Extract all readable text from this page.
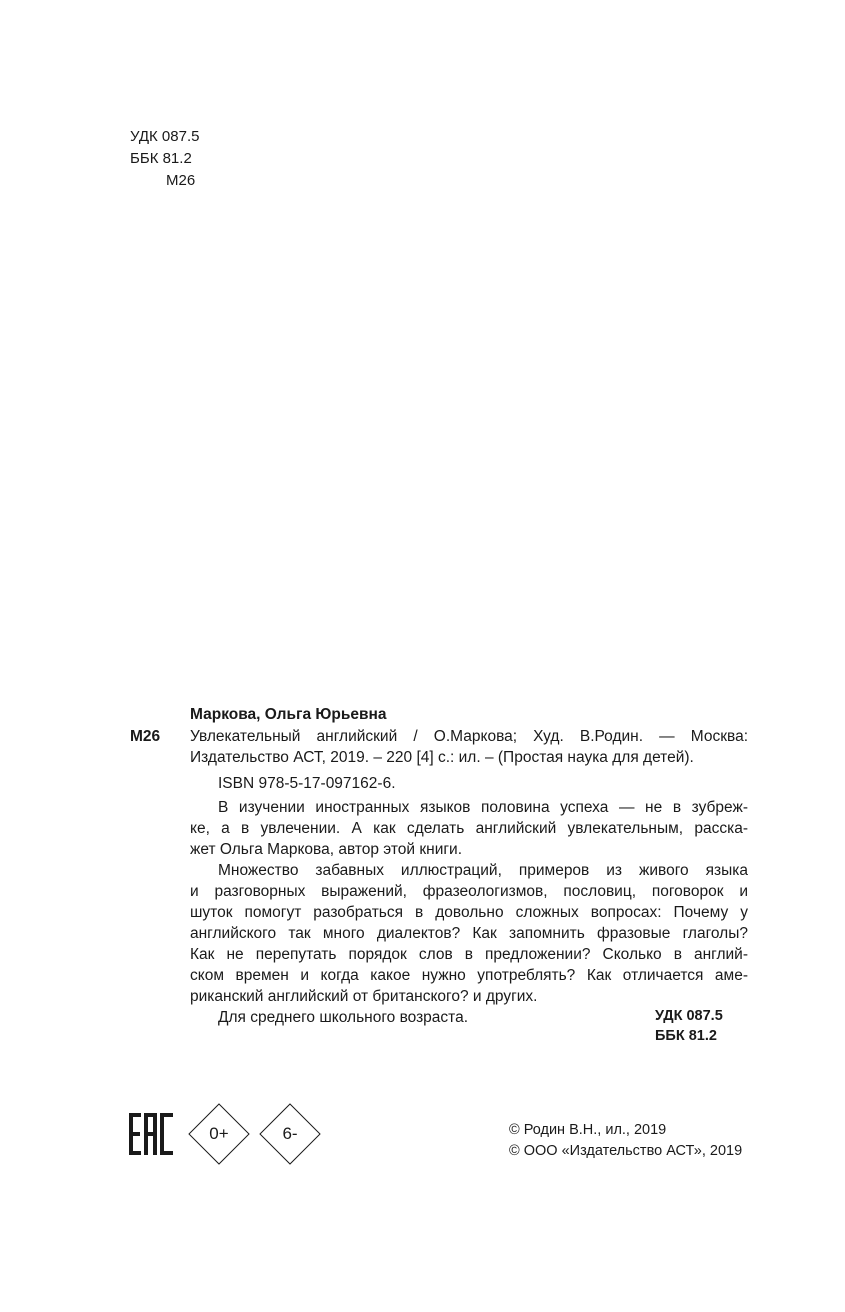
УДК 087.5
ББК 81.2
М26
Маркова, Ольга Юрьевна
М26 Увлекательный английский / О.Маркова; Худ. В.Родин. — Москва:
Издательство АСТ, 2019. – 220 [4] с.: ил. – (Простая наука для детей).
ISBN 978-5-17-097162-6.
В изучении иностранных языков половина успеха — не в зубреж-
ке, а в увлечении. А как сделать английский увлекательным, расска-
жет Ольга Маркова, автор этой книги.
Множество забавных иллюстраций, примеров из живого языка
и разговорных выражений, фразеологизмов, пословиц, поговорок и
шуток помогут разобраться в довольно сложных вопросах: Почему у
английского так много диалектов? Как запомнить фразовые глаголы?
Как не перепутать порядок слов в предложении? Сколько в англий-
ском времен и когда какое нужно употреблять? Как отличается аме-
риканский английский от британского? и других.
Для среднего школьного возраста.	УДК 087.5
ББК 81.2
0+	6-	© Родин В.Н., ил., 2019
© ООО «Издательство АСТ», 2019
